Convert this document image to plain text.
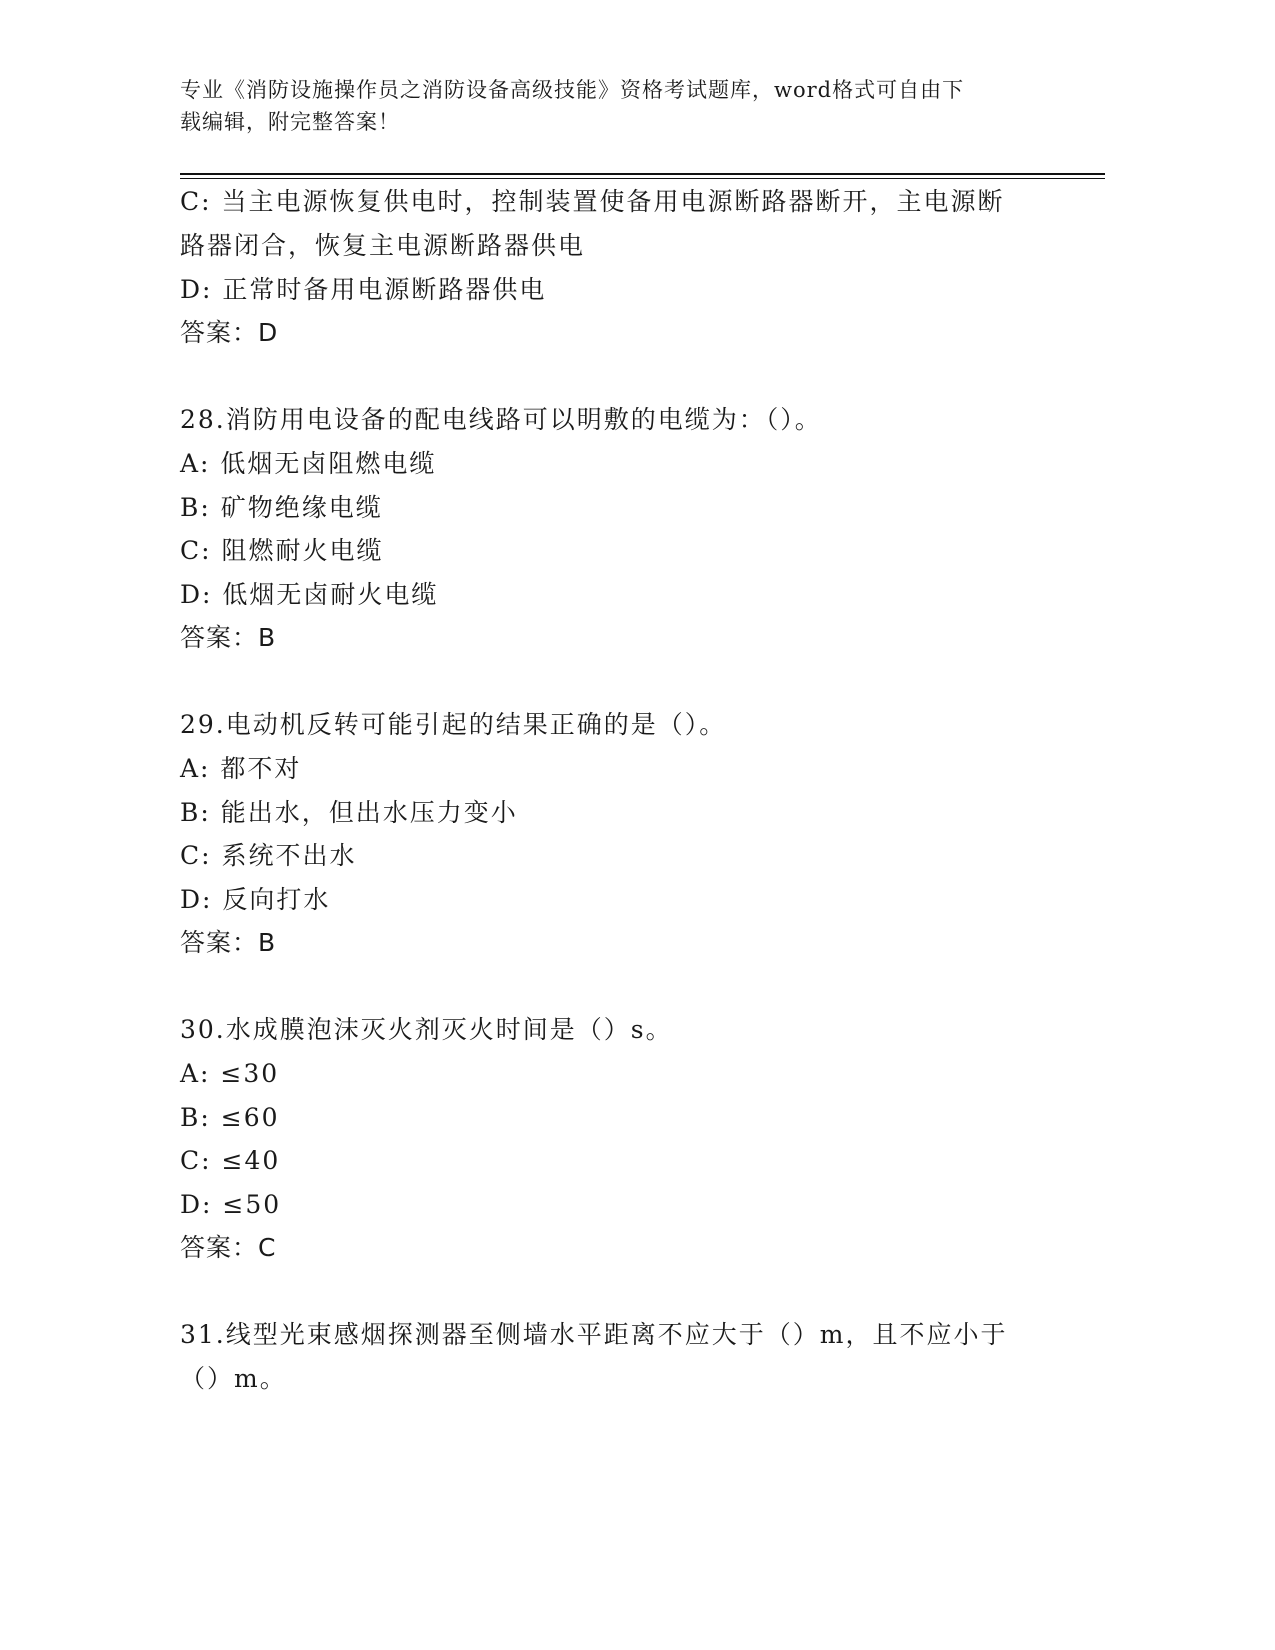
专业《消防设施操作员之消防设备高级技能》资格考试题库，word格式可自由下
载编辑，附完整答案！
C: 当主电源恢复供电时，控制装置使备用电源断路器断开，主电源断
路器闭合，恢复主电源断路器供电
D: 正常时备用电源断路器供电
答案：D
28.消防用电设备的配电线路可以明敷的电缆为：（）。
A: 低烟无卤阻燃电缆
B: 矿物绝缘电缆
C: 阻燃耐火电缆
D: 低烟无卤耐火电缆
答案：B
29.电动机反转可能引起的结果正确的是（）。
A: 都不对
B: 能出水，但出水压力变小
C: 系统不出水
D: 反向打水
答案：B
30.水成膜泡沫灭火剂灭火时间是（）s。
A: ≤30
B: ≤60
C: ≤40
D: ≤50
答案：C
31.线型光束感烟探测器至侧墙水平距离不应大于（）m，且不应小于
（）m。
